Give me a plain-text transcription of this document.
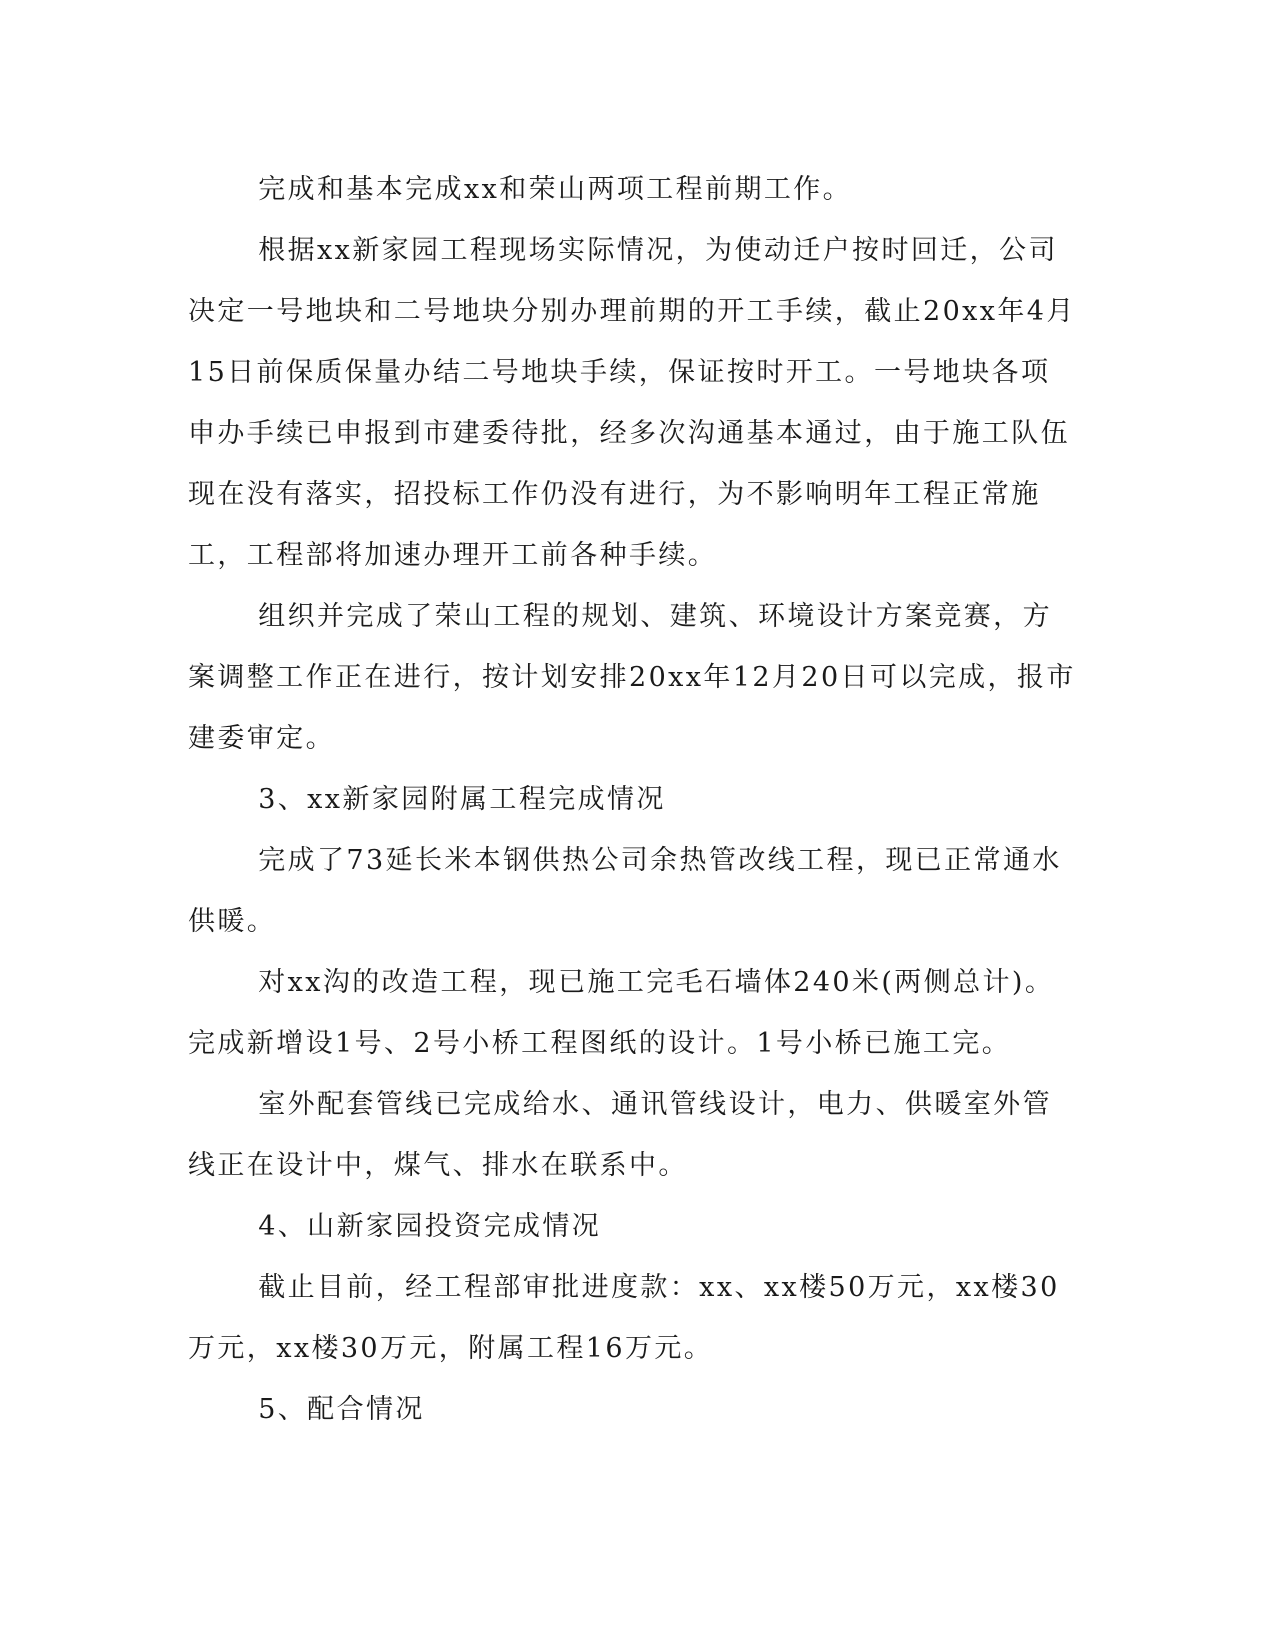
完成和基本完成xx和荣山两项工程前期工作。

根据xx新家园工程现场实际情况，为使动迁户按时回迁，公司决定一号地块和二号地块分别办理前期的开工手续，截止20xx年4月15日前保质保量办结二号地块手续，保证按时开工。一号地块各项申办手续已申报到市建委待批，经多次沟通基本通过，由于施工队伍现在没有落实，招投标工作仍没有进行，为不影响明年工程正常施工，工程部将加速办理开工前各种手续。

组织并完成了荣山工程的规划、建筑、环境设计方案竞赛，方案调整工作正在进行，按计划安排20xx年12月20日可以完成，报市建委审定。

3、xx新家园附属工程完成情况

完成了73延长米本钢供热公司余热管改线工程，现已正常通水供暖。

对xx沟的改造工程，现已施工完毛石墙体240米(两侧总计)。完成新增设1号、2号小桥工程图纸的设计。1号小桥已施工完。

室外配套管线已完成给水、通讯管线设计，电力、供暖室外管线正在设计中，煤气、排水在联系中。

4、山新家园投资完成情况

截止目前，经工程部审批进度款：xx、xx楼50万元，xx楼30万元，xx楼30万元，附属工程16万元。

5、配合情况
